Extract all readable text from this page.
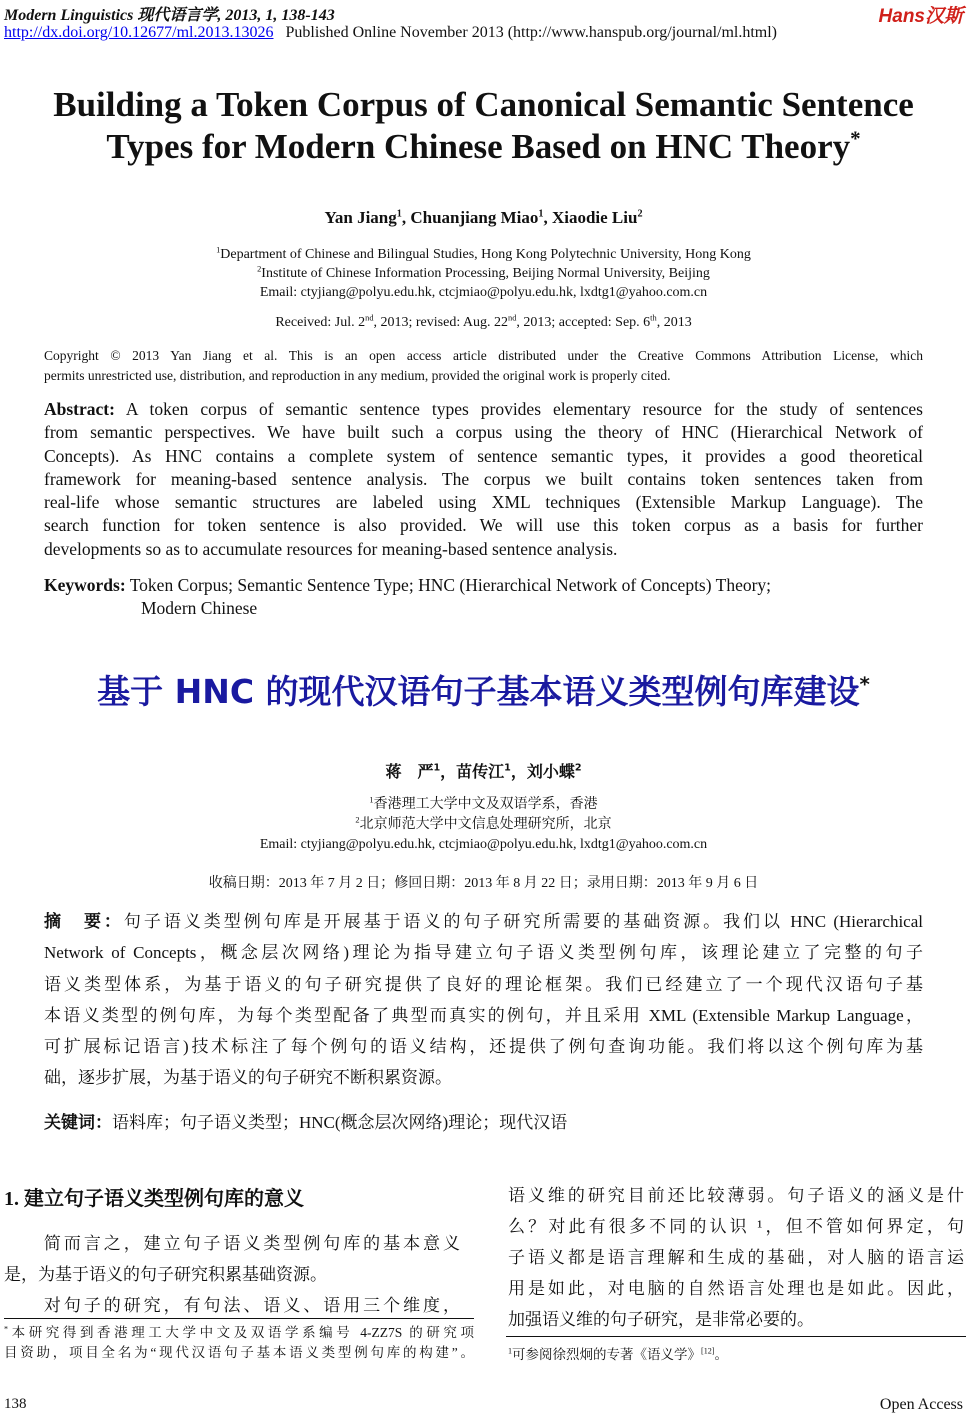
Modern Linguistics 现代语言学, 2013, 1, 138-143	Hans汉斯
http://dx.doi.org/10.12677/ml.2013.13026 Published Online November 2013 (http://www.hanspub.org/journal/ml.html)
Building a Token Corpus of Canonical Semantic Sentence
Types for Modern Chinese Based on HNC Theory*
Yan Jiang$^1$, Chuanjiang Miao$^1$, Xiaodie Liu$^2$
$^1$Department of Chinese and Bilingual Studies, Hong Kong Polytechnic University, Hong Kong
$^2$Institute of Chinese Information Processing, Beijing Normal University, Beijing
Email: ctyjiang@polyu.edu.hk, ctcjmiao@polyu.edu.hk, lxdtg1@yahoo.com.cn
Received: Jul. 2nd, 2013; revised: Aug. 22nd, 2013; accepted: Sep. 6th, 2013
Copyright © 2013 Yan Jiang et al. This is an open access article distributed under the Creative Commons Attribution License, which
permits unrestricted use, distribution, and reproduction in any medium, provided the original work is properly cited.
Abstract: A token corpus of semantic sentence types provides elementary resource for the study of sentences
from semantic perspectives. We have built such a corpus using the theory of HNC (Hierarchical Network of
Concepts). As HNC contains a complete system of sentence semantic types, it provides a good theoretical
framework for meaning-based sentence analysis. The corpus we built contains token sentences taken from
real-life whose semantic structures are labeled using XML techniques (Extensible Markup Language). The
search function for token sentence is also provided. We will use this token corpus as a basis for further
developments so as to accumulate resources for meaning-based sentence analysis.
Keywords: Token Corpus; Semantic Sentence Type; HNC (Hierarchical Network of Concepts) Theory;
Modern Chinese
基于 HNC 的现代汉语句子基本语义类型例句库建设*
蒋　严$^1$，苗传江$^1$，刘小蝶$^2$
$^1$香港理工大学中文及双语学系，香港
$^2$北京师范大学中文信息处理研究所，北京
Email: ctyjiang@polyu.edu.hk, ctcjmiao@polyu.edu.hk, lxdtg1@yahoo.com.cn
收稿日期：2013 年 7 月 2 日；修回日期：2013 年 8 月 22 日；录用日期：2013 年 9 月 6 日
摘　要：句子语义类型例句库是开展基于语义的句子研究所需要的基础资源。我们以 HNC (Hierarchical
Network of Concepts，概念层次网络)理论为指导建立句子语义类型例句库，该理论建立了完整的句子
语义类型体系，为基于语义的句子研究提供了良好的理论框架。我们已经建立了一个现代汉语句子基
本语义类型的例句库，为每个类型配备了典型而真实的例句，并且采用 XML (Extensible Markup Language，
可扩展标记语言)技术标注了每个例句的语义结构，还提供了例句查询功能。我们将以这个例句库为基
础，逐步扩展，为基于语义的句子研究不断积累资源。
关键词：语料库；句子语义类型；HNC(概念层次网络)理论；现代汉语
1. 建立句子语义类型例句库的意义
　　简而言之，建立句子语义类型例句库的基本意义
是，为基于语义的句子研究积累基础资源。
　　对句子的研究，有句法、语义、语用三个维度，
*本研究得到香港理工大学中文及双语学系编号 4-ZZ7S 的研究项
目资助，项目全名为“现代汉语句子基本语义类型例句库的构建”。
语义维的研究目前还比较薄弱。句子语义的涵义是什
么？对此有很多不同的认识 ¹，但不管如何界定，句
子语义都是语言理解和生成的基础，对人脑的语言运
用是如此，对电脑的自然语言处理也是如此。因此，
加强语义维的句子研究，是非常必要的。
$^1$可参阅徐烈炯的专著《语义学》[12]。
138	Open Access
